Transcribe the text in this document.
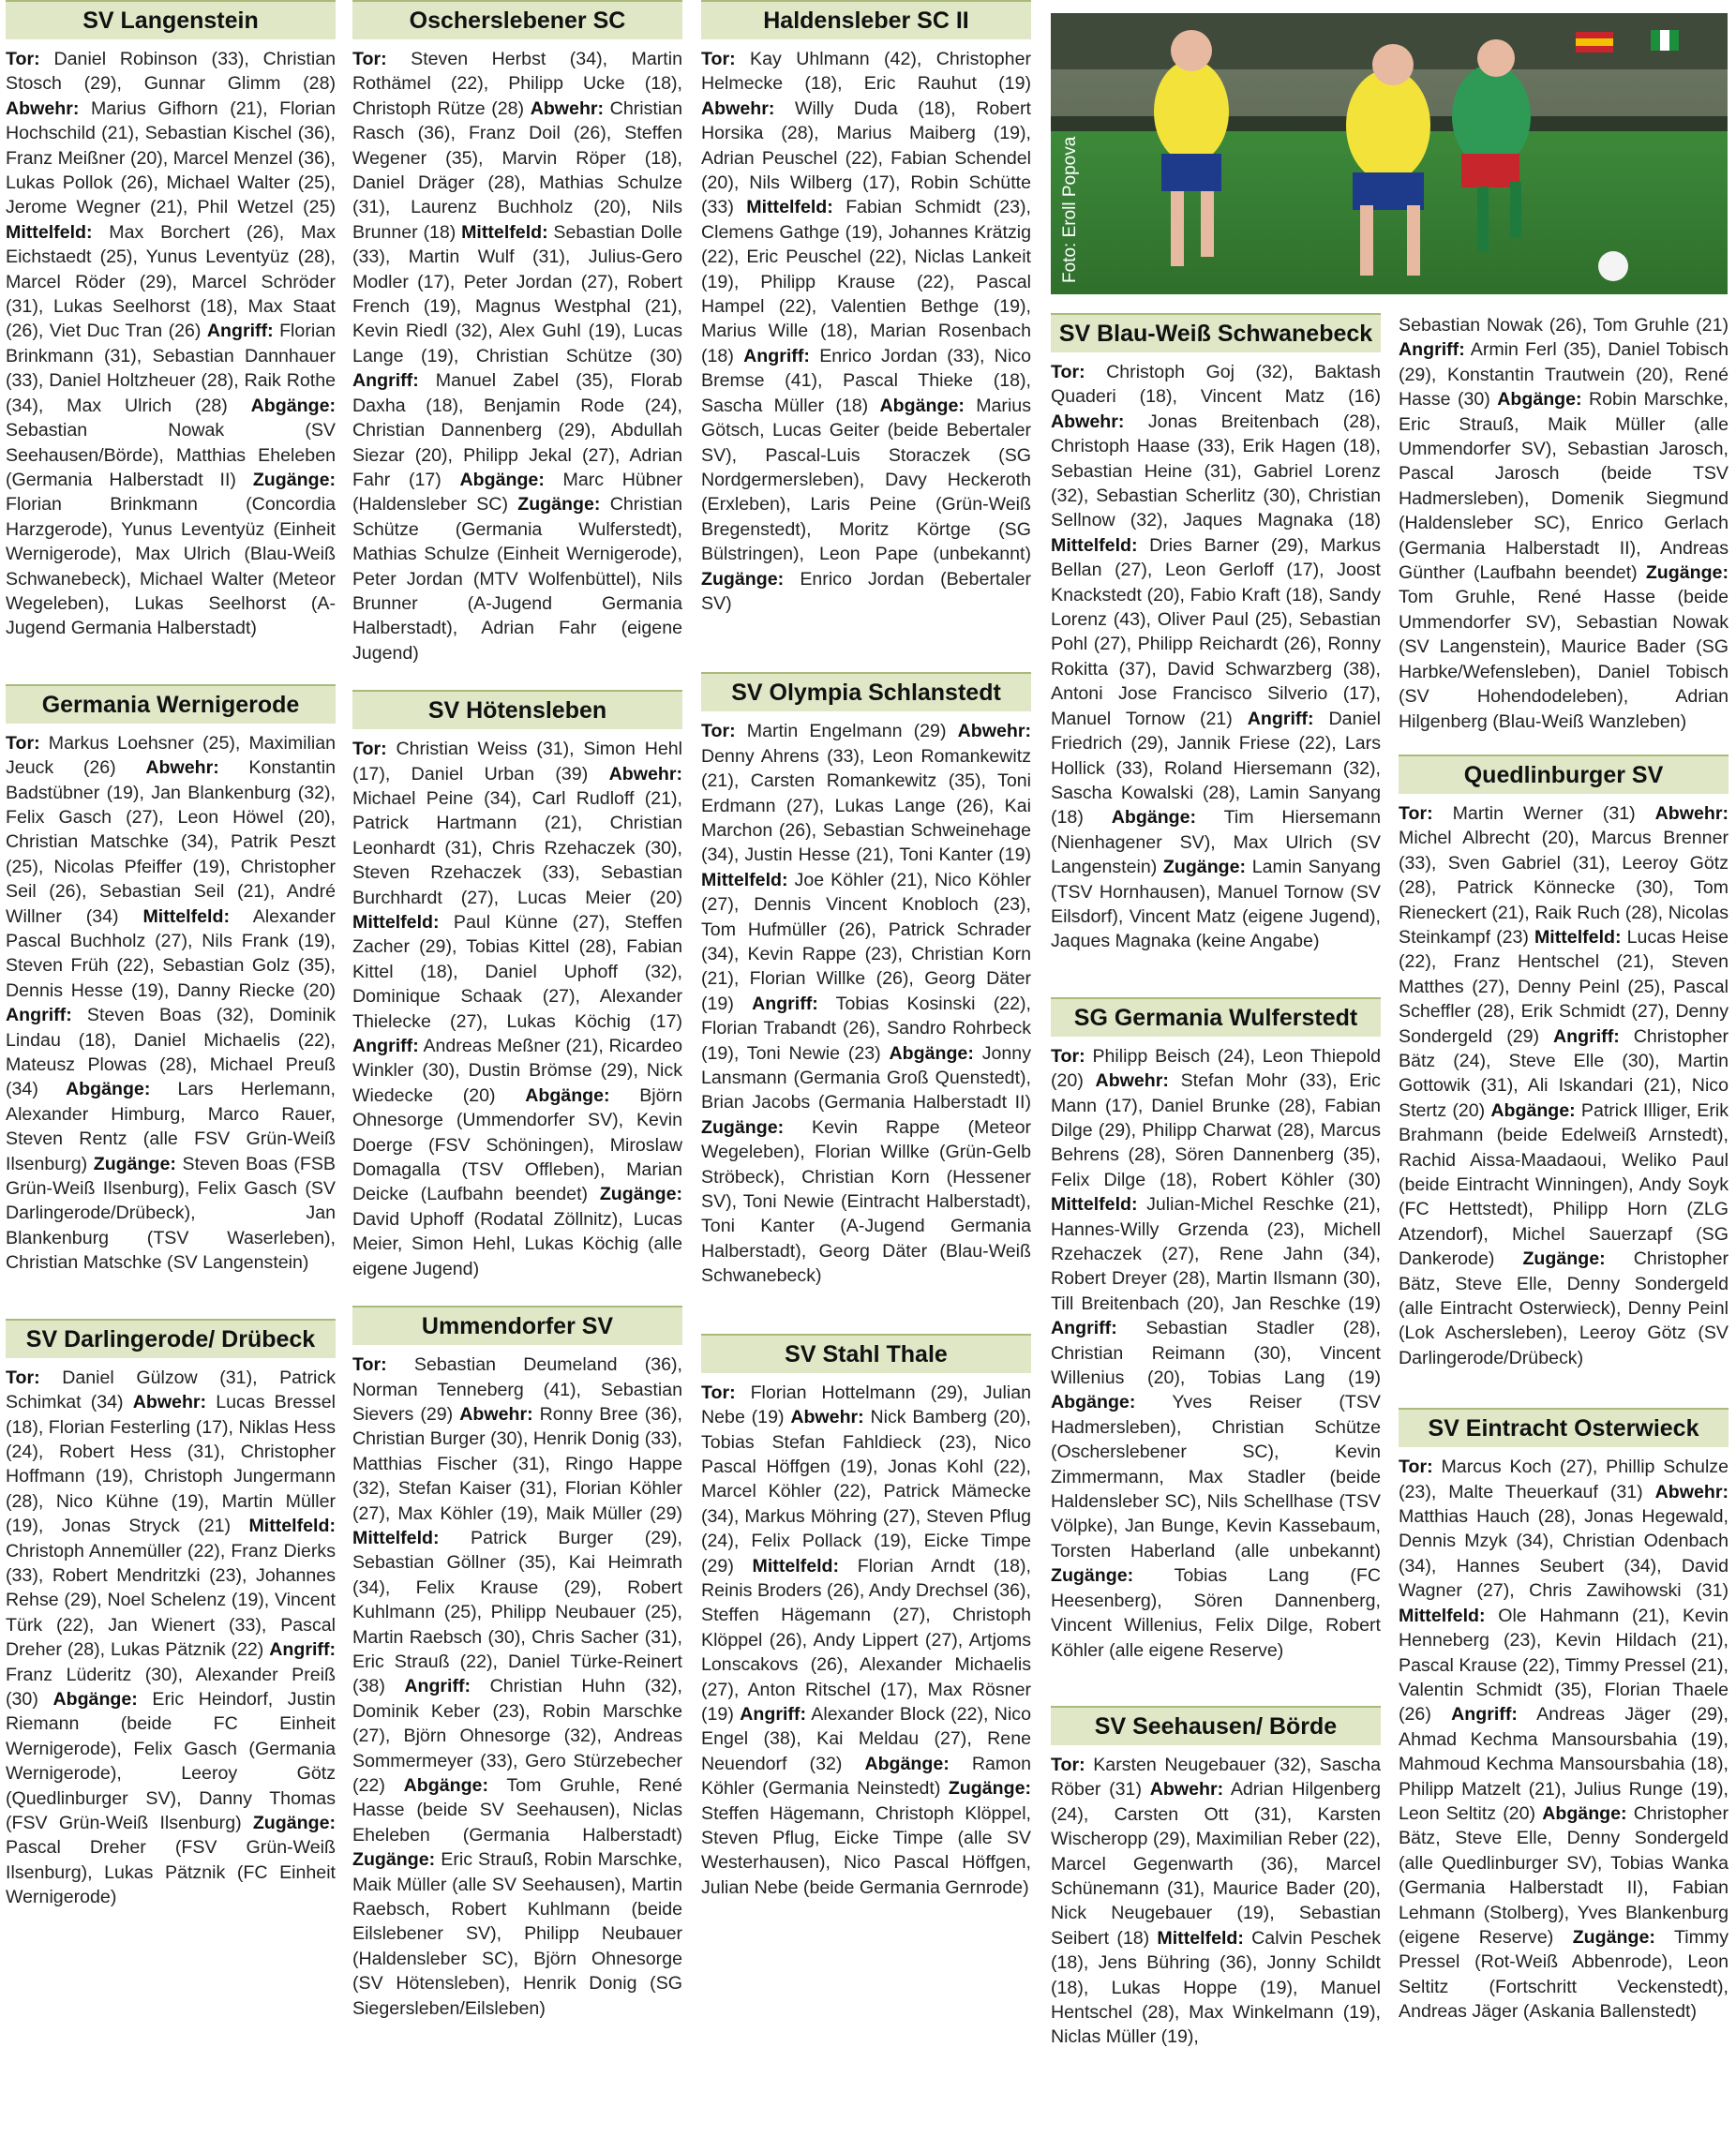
SV Langenstein
Tor: Daniel Robinson (33), Christian Stosch (29), Gunnar Glimm (28) Abwehr: Marius Gifhorn (21), Florian Hochschild (21), Sebastian Kischel (36), Franz Meißner (20), Marcel Menzel (36), Lukas Pollok (26), Michael Walter (25), Jerome Wegner (21), Phil Wetzel (25) Mittelfeld: Max Borchert (26), Max Eichstaedt (25), Yunus Leventyüz (28), Marcel Röder (29), Marcel Schröder (31), Lukas Seelhorst (18), Max Staat (26), Viet Duc Tran (26) Angriff: Florian Brinkmann (31), Sebastian Dannhauer (33), Daniel Holtzheuer (28), Raik Rothe (34), Max Ulrich (28) Abgänge: Sebastian Nowak (SV Seehausen/Börde), Matthias Eheleben (Germania Halberstadt II) Zugänge: Florian Brinkmann (Concordia Harzgerode), Yunus Leventyüz (Einheit Wernigerode), Max Ulrich (Blau-Weiß Schwanebeck), Michael Walter (Meteor Wegeleben), Lukas Seelhorst (A-Jugend Germania Halberstadt)
Germania Wernigerode
Tor: Markus Loehsner (25), Maximilian Jeuck (26) Abwehr: Konstantin Badstübner (19), Jan Blankenburg (32), Felix Gasch (27), Leon Höwel (20), Christian Matschke (34), Patrik Peszt (25), Nicolas Pfeiffer (19), Christopher Seil (26), Sebastian Seil (21), André Willner (34) Mittelfeld: Alexander Pascal Buchholz (27), Nils Frank (19), Steven Früh (22), Sebastian Golz (35), Dennis Hesse (19), Danny Riecke (20) Angriff: Steven Boas (32), Dominik Lindau (18), Daniel Michaelis (22), Mateusz Plowas (28), Michael Preuß (34) Abgänge: Lars Herlemann, Alexander Himburg, Marco Rauer, Steven Rentz (alle FSV Grün-Weiß Ilsenburg) Zugänge: Steven Boas (FSB Grün-Weiß Ilsenburg), Felix Gasch (SV Darlingerode/Drübeck), Jan Blankenburg (TSV Waserleben), Christian Matschke (SV Langenstein)
SV Darlingerode/ Drübeck
Tor: Daniel Gülzow (31), Patrick Schimkat (34) Abwehr: Lucas Bressel (18), Florian Festerling (17), Niklas Hess (24), Robert Hess (31), Christopher Hoffmann (19), Christoph Jungermann (28), Nico Kühne (19), Martin Müller (19), Jonas Stryck (21) Mittelfeld: Christoph Annemüller (22), Franz Dierks (33), Robert Mendritzki (23), Johannes Rehse (29), Noel Schelenz (19), Vincent Türk (22), Jan Wienert (33), Pascal Dreher (28), Lukas Pätznik (22) Angriff: Franz Lüderitz (30), Alexander Preiß (30) Abgänge: Eric Heindorf, Justin Riemann (beide FC Einheit Wernigerode), Felix Gasch (Germania Wernigerode), Leeroy Götz (Quedlinburger SV), Danny Thomas (FSV Grün-Weiß Ilsenburg) Zugänge: Pascal Dreher (FSV Grün-Weiß Ilsenburg), Lukas Pätznik (FC Einheit Wernigerode)
Oscherslebener SC
Tor: Steven Herbst (34), Martin Rothämel (22), Philipp Ucke (18), Christoph Rütze (28) Abwehr: Christian Rasch (36), Franz Doil (26), Steffen Wegener (35), Marvin Röper (18), Daniel Dräger (28), Mathias Schulze (31), Laurenz Buchholz (20), Nils Brunner (18) Mittelfeld: Sebastian Dolle (33), Martin Wulf (31), Julius-Gero Modler (17), Peter Jordan (27), Robert French (19), Magnus Westphal (21), Kevin Riedl (32), Alex Guhl (19), Lucas Lange (19), Christian Schütze (30) Angriff: Manuel Zabel (35), Florab Daxha (18), Benjamin Rode (24), Christian Dannenberg (29), Abdullah Siezar (20), Philipp Jekal (27), Adrian Fahr (17) Abgänge: Marc Hübner (Haldensleber SC) Zugänge: Christian Schütze (Germania Wulferstedt), Mathias Schulze (Einheit Wernigerode), Peter Jordan (MTV Wolfenbüttel), Nils Brunner (A-Jugend Germania Halberstadt), Adrian Fahr (eigene Jugend)
SV Hötensleben
Tor: Christian Weiss (31), Simon Hehl (17), Daniel Urban (39) Abwehr: Michael Peine (34), Carl Rudloff (21), Patrick Hartmann (21), Christian Leonhardt (31), Chris Rzehaczek (30), Steven Rzehaczek (33), Sebastian Burchhardt (27), Lucas Meier (20) Mittelfeld: Paul Künne (27), Steffen Zacher (29), Tobias Kittel (28), Fabian Kittel (18), Daniel Uphoff (32), Dominique Schaak (27), Alexander Thielecke (27), Lukas Köchig (17) Angriff: Andreas Meßner (21), Ricardeo Winkler (30), Dustin Brömse (29), Nick Wiedecke (20) Abgänge: Björn Ohnesorge (Ummendorfer SV), Kevin Doerge (FSV Schöningen), Miroslaw Domagalla (TSV Offleben), Marian Deicke (Laufbahn beendet) Zugänge: David Uphoff (Rodatal Zöllnitz), Lucas Meier, Simon Hehl, Lukas Köchig (alle eigene Jugend)
Ummendorfer SV
Tor: Sebastian Deumeland (36), Norman Tenneberg (41), Sebastian Sievers (29) Abwehr: Ronny Bree (36), Christian Burger (30), Henrik Donig (33), Matthias Fischer (31), Ringo Happe (32), Stefan Kaiser (31), Florian Köhler (27), Max Köhler (19), Maik Müller (29) Mittelfeld: Patrick Burger (29), Sebastian Göllner (35), Kai Heimrath (34), Felix Krause (29), Robert Kuhlmann (25), Philipp Neubauer (25), Martin Raebsch (30), Chris Sacher (31), Eric Strauß (22), Daniel Türke-Reinert (38) Angriff: Christian Huhn (32), Dominik Keber (23), Robin Marschke (27), Björn Ohnesorge (32), Andreas Sommermeyer (33), Gero Stürzebecher (22) Abgänge: Tom Gruhle, René Hasse (beide SV Seehausen), Niclas Eheleben (Germania Halberstadt) Zugänge: Eric Strauß, Robin Marschke, Maik Müller (alle SV Seehausen), Martin Raebsch, Robert Kuhlmann (beide Eilslebener SV), Philipp Neubauer (Haldensleber SC), Björn Ohnesorge (SV Hötensleben), Henrik Donig (SG Siegersleben/Eilsleben)
Haldensleber SC II
Tor: Kay Uhlmann (42), Christopher Helmecke (18), Eric Rauhut (19) Abwehr: Willy Duda (18), Robert Horsika (28), Marius Maiberg (19), Adrian Peuschel (22), Fabian Schendel (20), Nils Wilberg (17), Robin Schütte (33) Mittelfeld: Fabian Schmidt (23), Clemens Gathge (19), Johannes Krätzig (22), Eric Peuschel (22), Niclas Lankeit (19), Philipp Krause (22), Pascal Hampel (22), Valentien Bethge (19), Marius Wille (18), Marian Rosenbach (18) Angriff: Enrico Jordan (33), Nico Bremse (41), Pascal Thieke (18), Sascha Müller (18) Abgänge: Marius Götsch, Lucas Geiter (beide Bebertaler SV), Pascal-Luis Storaczek (SG Nordgermersleben), Davy Heckeroth (Erxleben), Laris Peine (Grün-Weiß Bregenstedt), Moritz Körtge (SG Bülstringen), Leon Pape (unbekannt) Zugänge: Enrico Jordan (Bebertaler SV)
SV Olympia Schlanstedt
Tor: Martin Engelmann (29) Abwehr: Denny Ahrens (33), Leon Romankewitz (21), Carsten Romankewitz (35), Toni Erdmann (27), Lukas Lange (26), Kai Marchon (26), Sebastian Schweinehage (34), Justin Hesse (21), Toni Kanter (19) Mittelfeld: Joe Köhler (21), Nico Köhler (27), Dennis Vincent Knobloch (23), Tom Hufmüller (26), Patrick Schrader (34), Kevin Rappe (23), Christian Korn (21), Florian Willke (26), Georg Däter (19) Angriff: Tobias Kosinski (22), Florian Trabandt (26), Sandro Rohrbeck (19), Toni Newie (23) Abgänge: Jonny Lansmann (Germania Groß Quenstedt), Brian Jacobs (Germania Halberstadt II) Zugänge: Kevin Rappe (Meteor Wegeleben), Florian Willke (Grün-Gelb Ströbeck), Christian Korn (Hessener SV), Toni Newie (Eintracht Halberstadt), Toni Kanter (A-Jugend Germania Halberstadt), Georg Däter (Blau-Weiß Schwanebeck)
SV Stahl Thale
Tor: Florian Hottelmann (29), Julian Nebe (19) Abwehr: Nick Bamberg (20), Tobias Stefan Fahldieck (23), Nico Pascal Höffgen (19), Jonas Kohl (22), Marcel Köhler (22), Patrick Mämecke (34), Markus Möhring (27), Steven Pflug (24), Felix Pollack (19), Eicke Timpe (29) Mittelfeld: Florian Arndt (18), Reinis Broders (26), Andy Drechsel (36), Steffen Hägemann (27), Christoph Klöppel (26), Andy Lippert (27), Artjoms Lonscakovs (26), Alexander Michaelis (27), Anton Ritschel (17), Max Rösner (19) Angriff: Alexander Block (22), Nico Engel (38), Kai Meldau (27), Rene Neuendorf (32) Abgänge: Ramon Köhler (Germania Neinstedt) Zugänge: Steffen Hägemann, Christoph Klöppel, Steven Pflug, Eicke Timpe (alle SV Westerhausen), Nico Pascal Höffgen, Julian Nebe (beide Germania Gernrode)
Foto: Eroll Popova
SV Blau-Weiß Schwanebeck
Tor: Christoph Goj (32), Baktash Quaderi (18), Vincent Matz (16) Abwehr: Jonas Breitenbach (28), Christoph Haase (33), Erik Hagen (18), Sebastian Heine (31), Gabriel Lorenz (32), Sebastian Scherlitz (30), Christian Sellnow (32), Jaques Magnaka (18) Mittelfeld: Dries Barner (29), Markus Bellan (27), Leon Gerloff (17), Joost Knackstedt (20), Fabio Kraft (18), Sandy Lorenz (43), Oliver Paul (25), Sebastian Pohl (27), Philipp Reichardt (26), Ronny Rokitta (37), David Schwarzberg (38), Antoni Jose Francisco Silverio (17), Manuel Tornow (21) Angriff: Daniel Friedrich (29), Jannik Friese (22), Lars Hollick (33), Roland Hiersemann (32), Sascha Kowalski (28), Lamin Sanyang (18) Abgänge: Tim Hiersemann (Nienhagener SV), Max Ulrich (SV Langenstein) Zugänge: Lamin Sanyang (TSV Hornhausen), Manuel Tornow (SV Eilsdorf), Vincent Matz (eigene Jugend), Jaques Magnaka (keine Angabe)
SG Germania Wulferstedt
Tor: Philipp Beisch (24), Leon Thiepold (20) Abwehr: Stefan Mohr (33), Eric Mann (17), Daniel Brunke (28), Fabian Dilge (29), Philipp Charwat (28), Marcus Behrens (28), Sören Dannenberg (35), Felix Dilge (18), Robert Köhler (30) Mittelfeld: Julian-Michel Reschke (21), Hannes-Willy Grzenda (23), Michell Rzehaczek (27), Rene Jahn (34), Robert Dreyer (28), Martin Ilsmann (30), Till Breitenbach (20), Jan Reschke (19) Angriff: Sebastian Stadler (28), Christian Reimann (30), Vincent Willenius (20), Tobias Lang (19) Abgänge: Yves Reiser (TSV Hadmersleben), Christian Schütze (Oscherslebener SC), Kevin Zimmermann, Max Stadler (beide Haldensleber SC), Nils Schellhase (TSV Völpke), Jan Bunge, Kevin Kassebaum, Torsten Haberland (alle unbekannt) Zugänge: Tobias Lang (FC Heesenberg), Sören Dannenberg, Vincent Willenius, Felix Dilge, Robert Köhler (alle eigene Reserve)
SV Seehausen/ Börde
Tor: Karsten Neugebauer (32), Sascha Röber (31) Abwehr: Adrian Hilgenberg (24), Carsten Ott (31), Karsten Wischeropp (29), Maximilian Reber (22), Marcel Gegenwarth (36), Marcel Schünemann (31), Maurice Bader (20), Nick Neugebauer (19), Sebastian Seibert (18) Mittelfeld: Calvin Peschek (18), Jens Bühring (36), Jonny Schildt (18), Lukas Hoppe (19), Manuel Hentschel (28), Max Winkelmann (19), Niclas Müller (19),
Sebastian Nowak (26), Tom Gruhle (21) Angriff: Armin Ferl (35), Daniel Tobisch (29), Konstantin Trautwein (20), René Hasse (30) Abgänge: Robin Marschke, Eric Strauß, Maik Müller (alle Ummendorfer SV), Sebastian Jarosch, Pascal Jarosch (beide TSV Hadmersleben), Domenik Siegmund (Haldensleber SC), Enrico Gerlach (Germania Halberstadt II), Andreas Günther (Laufbahn beendet) Zugänge: Tom Gruhle, René Hasse (beide Ummendorfer SV), Sebastian Nowak (SV Langenstein), Maurice Bader (SG Harbke/Wefensleben), Daniel Tobisch (SV Hohendodeleben), Adrian Hilgenberg (Blau-Weiß Wanzleben)
Quedlinburger SV
Tor: Martin Werner (31) Abwehr: Michel Albrecht (20), Marcus Brenner (33), Sven Gabriel (31), Leeroy Götz (28), Patrick Könnecke (30), Tom Rieneckert (21), Raik Ruch (28), Nicolas Steinkampf (23) Mittelfeld: Lucas Heise (22), Franz Hentschel (21), Steven Matthes (27), Denny Peinl (25), Pascal Scheffler (28), Erik Schmidt (27), Denny Sondergeld (29) Angriff: Christopher Bätz (24), Steve Elle (30), Martin Gottowik (31), Ali Iskandari (21), Nico Stertz (20) Abgänge: Patrick Illiger, Erik Brahmann (beide Edelweiß Arnstedt), Rachid Aissa-Maadaoui, Weliko Paul (beide Eintracht Winningen), Andy Soyk (FC Hettstedt), Philipp Horn (ZLG Atzendorf), Michel Sauerzapf (SG Dankerode) Zugänge: Christopher Bätz, Steve Elle, Denny Sondergeld (alle Eintracht Osterwieck), Denny Peinl (Lok Aschersleben), Leeroy Götz (SV Darlingerode/Drübeck)
SV Eintracht Osterwieck
Tor: Marcus Koch (27), Phillip Schulze (23), Malte Theuerkauf (31) Abwehr: Matthias Hauch (28), Jonas Hegewald, Dennis Mzyk (34), Christian Odenbach (34), Hannes Seubert (34), David Wagner (27), Chris Zawihowski (31) Mittelfeld: Ole Hahmann (21), Kevin Henneberg (23), Kevin Hildach (21), Pascal Krause (22), Timmy Pressel (21), Valentin Schmidt (35), Florian Thaele (26) Angriff: Andreas Jäger (29), Ahmad Kechma Mansoursbahia (19), Mahmoud Kechma Mansoursbahia (18), Philipp Matzelt (21), Julius Runge (19), Leon Seltitz (20) Abgänge: Christopher Bätz, Steve Elle, Denny Sondergeld (alle Quedlinburger SV), Tobias Wanka (Germania Halberstadt II), Fabian Lehmann (Stolberg), Yves Blankenburg (eigene Reserve) Zugänge: Timmy Pressel (Rot-Weiß Abbenrode), Leon Seltitz (Fortschritt Veckenstedt), Andreas Jäger (Askania Ballenstedt)
